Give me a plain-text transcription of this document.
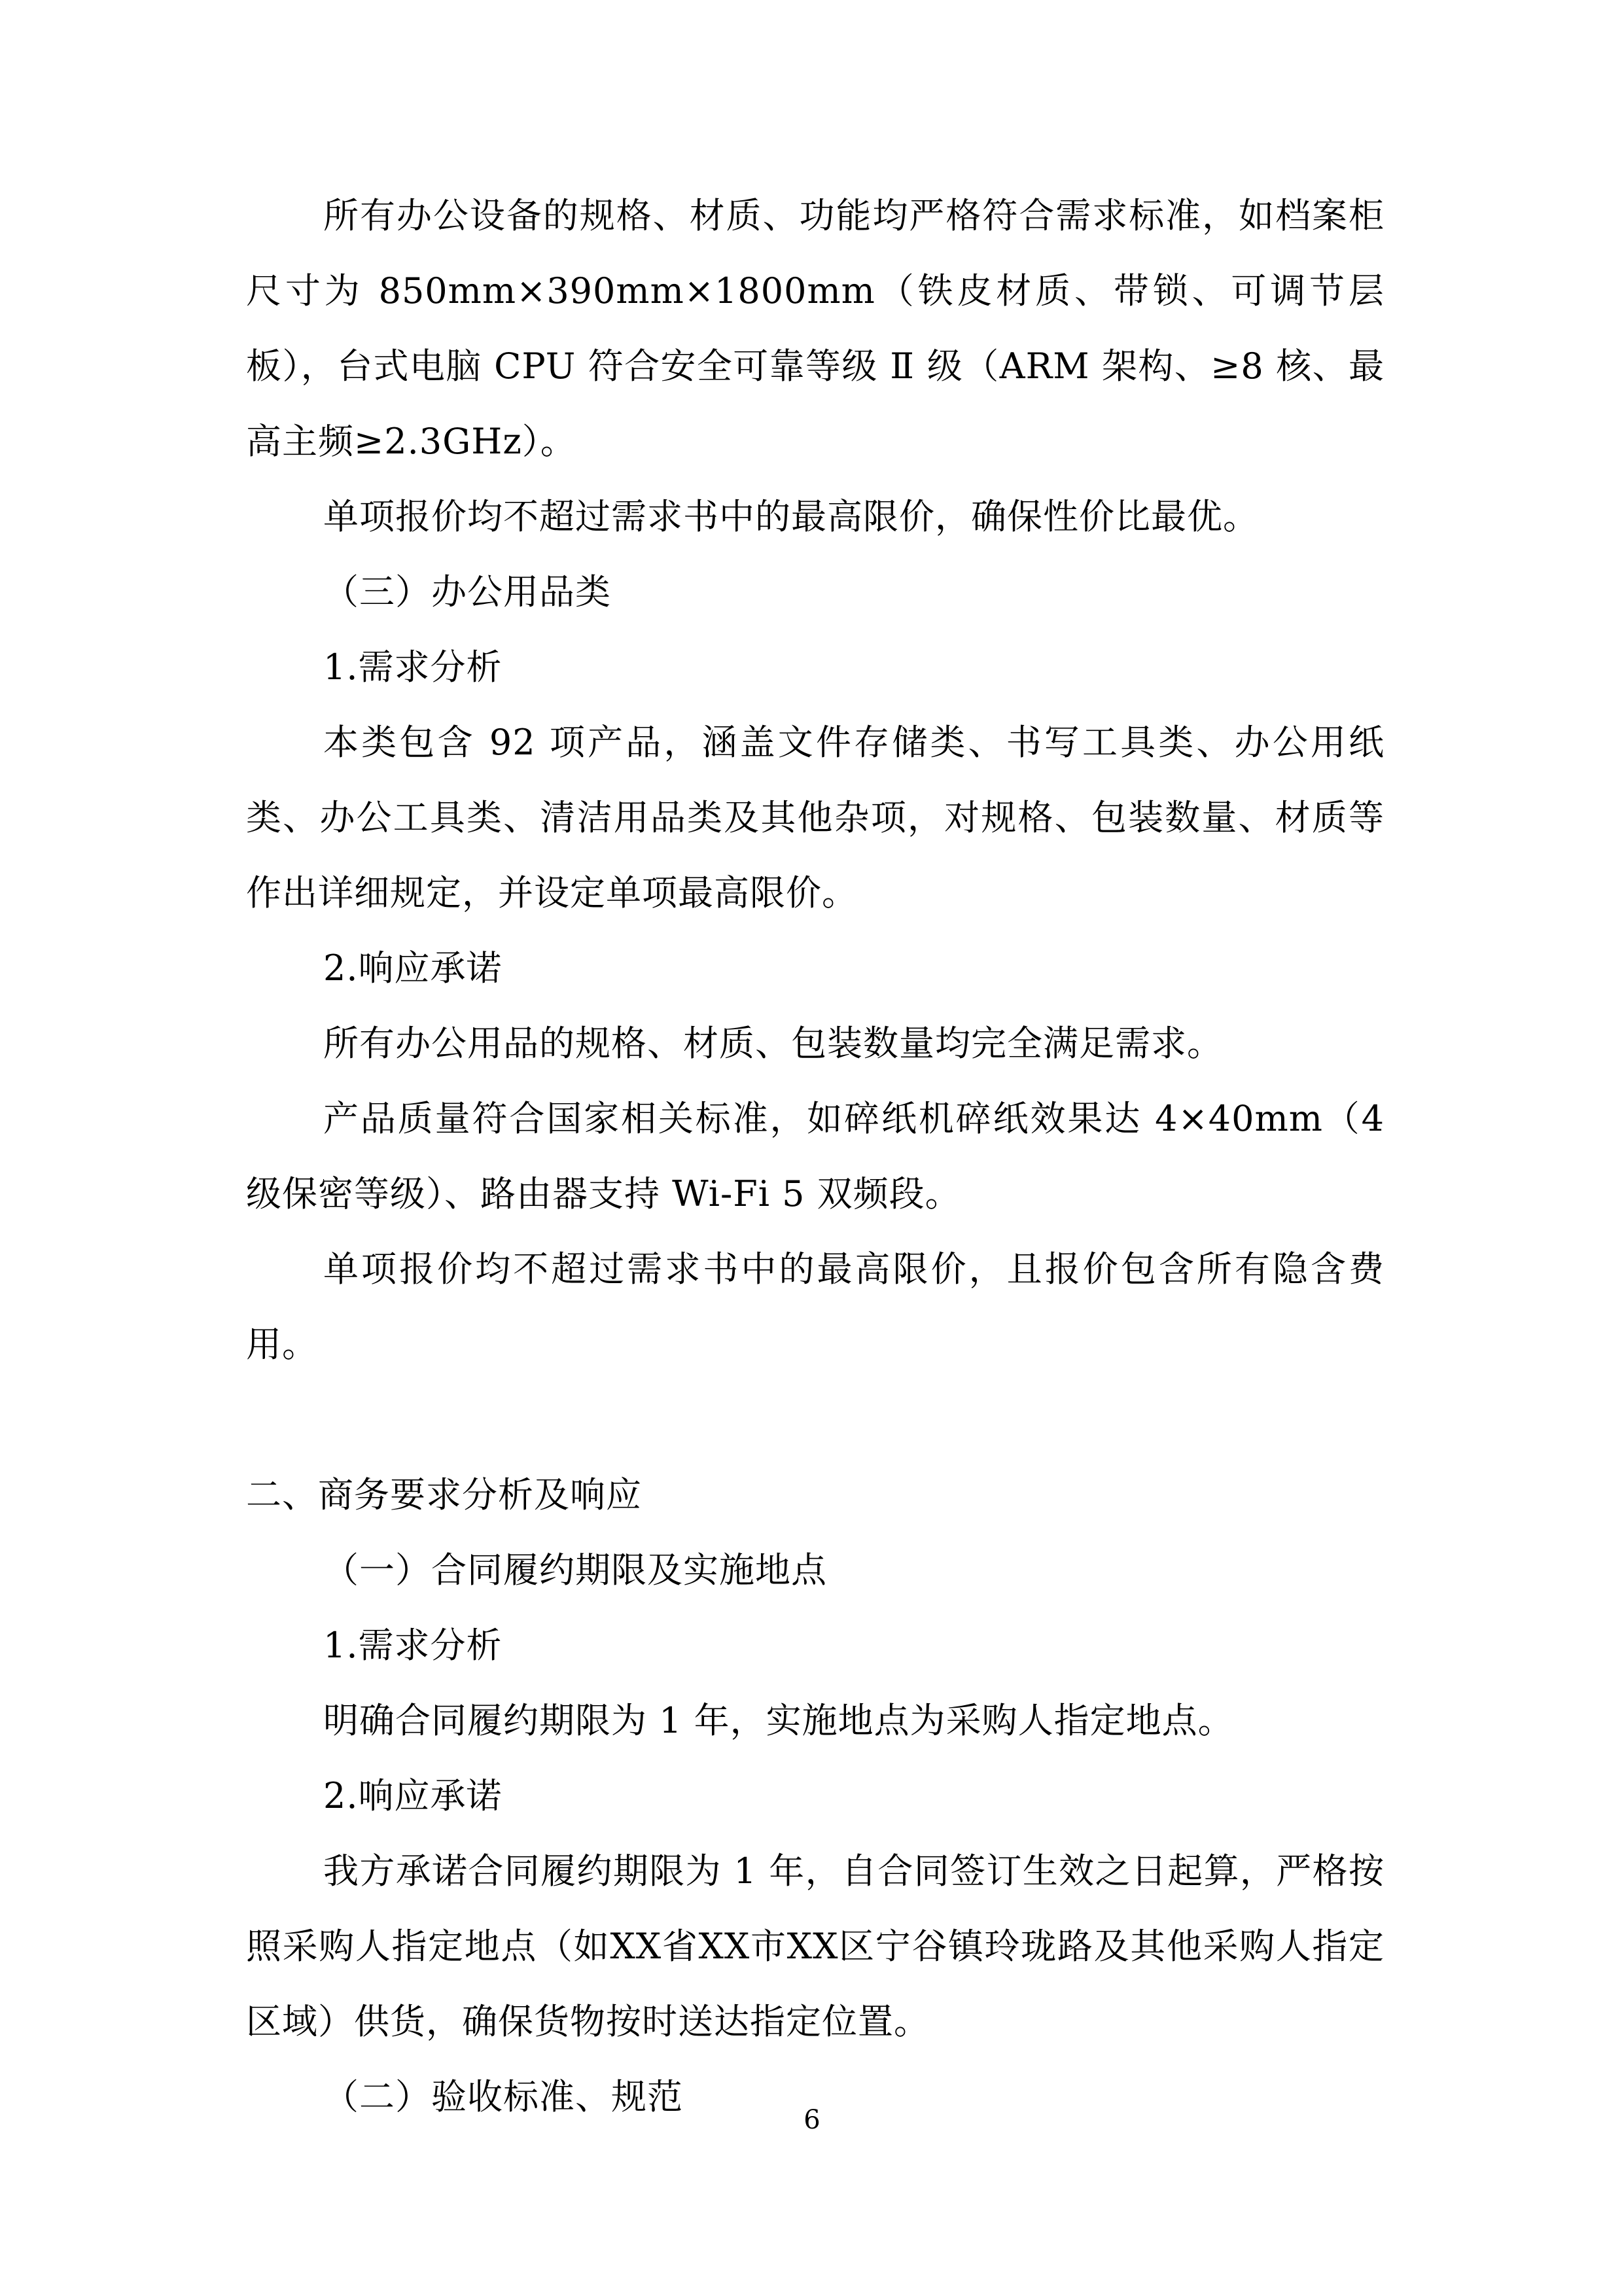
所有办公设备的规格、材质、功能均严格符合需求标准，如档案柜尺寸为 850mm×390mm×1800mm（铁皮材质、带锁、可调节层板），台式电脑 CPU 符合安全可靠等级 Ⅱ 级（ARM 架构、≥8 核、最高主频≥2.3GHz）。

单项报价均不超过需求书中的最高限价，确保性价比最优。

（三）办公用品类

1.需求分析

本类包含 92 项产品，涵盖文件存储类、书写工具类、办公用纸类、办公工具类、清洁用品类及其他杂项，对规格、包装数量、材质等作出详细规定，并设定单项最高限价。

2.响应承诺

所有办公用品的规格、材质、包装数量均完全满足需求。

产品质量符合国家相关标准，如碎纸机碎纸效果达 4×40mm（4 级保密等级）、路由器支持 Wi-Fi 5 双频段。

单项报价均不超过需求书中的最高限价，且报价包含所有隐含费用。

二、商务要求分析及响应

（一）合同履约期限及实施地点

1.需求分析

明确合同履约期限为 1 年，实施地点为采购人指定地点。

2.响应承诺

我方承诺合同履约期限为 1 年，自合同签订生效之日起算，严格按照采购人指定地点（如XX省XX市XX区宁谷镇玲珑路及其他采购人指定区域）供货，确保货物按时送达指定位置。

（二）验收标准、规范

6
